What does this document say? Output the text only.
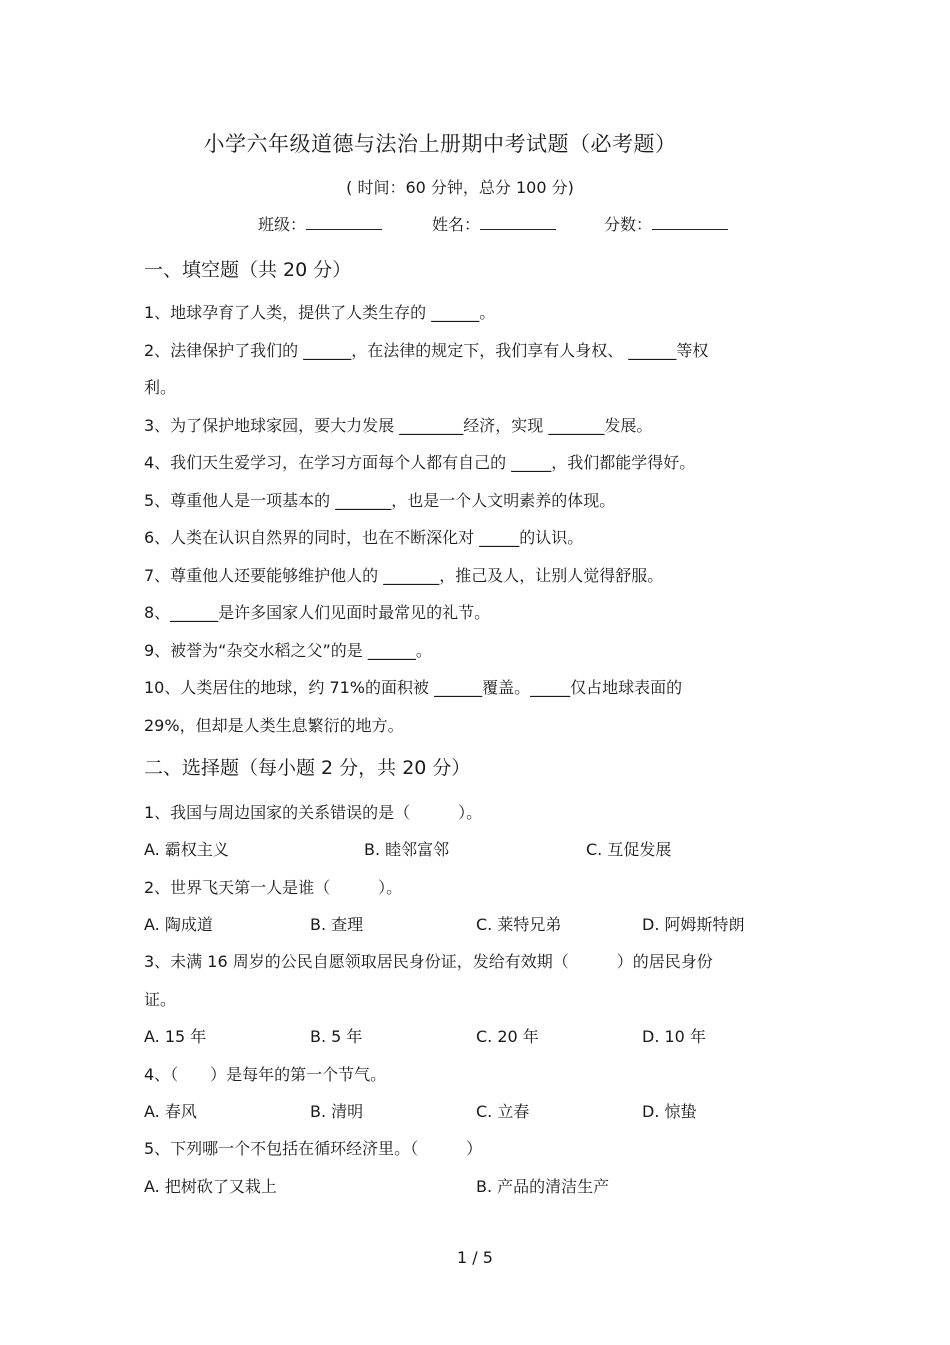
小学六年级道德与法治上册期中考试题（必考题）
( 时间：60 分钟，总分 100 分)
班级：	姓名：	分数：
一、填空题（共 20 分）
1、地球孕育了人类，提供了人类生存的 ______。
2、法律保护了我们的 ______，在法律的规定下，我们享有人身权、 ______等权
利。
3、为了保护地球家园，要大力发展 ________经济，实现 _______发展。
4、我们天生爱学习，在学习方面每个人都有自己的 _____，我们都能学得好。
5、尊重他人是一项基本的 _______，也是一个人文明素养的体现。
6、人类在认识自然界的同时，也在不断深化对 _____的认识。
7、尊重他人还要能够维护他人的 _______，推己及人，让别人觉得舒服。
8、______是许多国家人们见面时最常见的礼节。
9、被誉为“杂交水稻之父”的是 ______。
10、人类居住的地球，约 71%的面积被 ______覆盖。_____仅占地球表面的
29%，但却是人类生息繁衍的地方。
二、选择题（每小题 2 分，共 20 分）
1、我国与周边国家的关系错误的是（　　　）。
A. 霸权主义	B. 睦邻富邻	C. 互促发展
2、世界飞天第一人是谁（　　　）。
A. 陶成道	B. 查理	C. 莱特兄弟	D. 阿姆斯特朗
3、未满 16 周岁的公民自愿领取居民身份证，发给有效期（　　　）的居民身份
证。
A. 15 年	B. 5 年	C. 20 年	D. 10 年
4、（　　）是每年的第一个节气。
A. 春风	B. 清明	C. 立春	D. 惊蛰
5、下列哪一个不包括在循环经济里。（　　　）
A. 把树砍了又栽上	B. 产品的清洁生产
1 / 5
